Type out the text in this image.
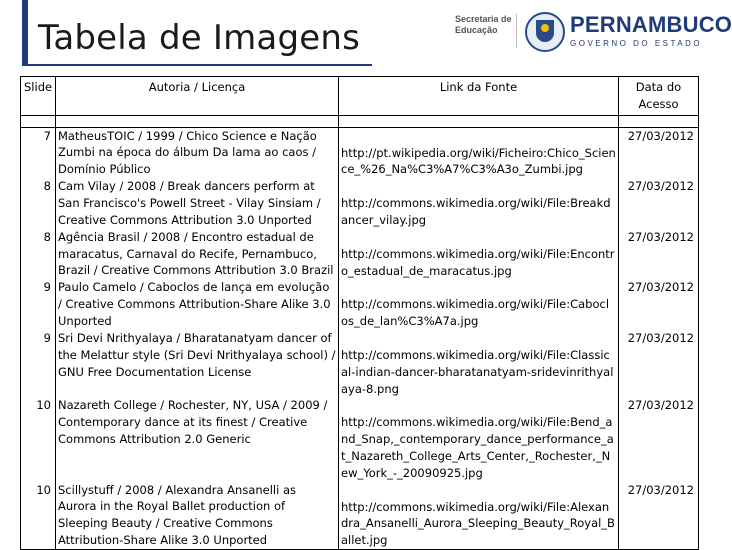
Tabela de Imagens	Secretaria de
Educação	PERNAMBUCO
GOVERNO DO ESTADO
Slide	Autoria / Licença	Link da Fonte	Data do Acesso

7	MatheusTOIC / 1999 / Chico Science e Nação Zumbi na época do álbum Da lama ao caos / Domínio Público	http://pt.wikipedia.org/wiki/Ficheiro:Chico_Science_%26_Na%C3%A7%C3%A3o_Zumbi.jpg	27/03/2012
8	Cam Vilay / 2008 / Break dancers perform at San Francisco's Powell Street - Vilay Sinsiam / Creative Commons Attribution 3.0 Unported	http://commons.wikimedia.org/wiki/File:Breakdancer_vilay.jpg	27/03/2012
8	Agência Brasil / 2008 / Encontro estadual de maracatus, Carnaval do Recife, Pernambuco, Brazil / Creative Commons Attribution 3.0 Brazil	http://commons.wikimedia.org/wiki/File:Encontro_estadual_de_maracatus.jpg	27/03/2012
9	Paulo Camelo / Caboclos de lança em evolução / Creative Commons Attribution-Share Alike 3.0 Unported	http://commons.wikimedia.org/wiki/File:Caboclos_de_lan%C3%A7a.jpg	27/03/2012
9	Sri Devi Nrithyalaya / Bharatanatyam dancer of the Melattur style (Sri Devi Nrithyalaya school) / GNU Free Documentation License	http://commons.wikimedia.org/wiki/File:Classical-indian-dancer-bharatanatyam-sridevinrithyalaya-8.png	27/03/2012
10	Nazareth College / Rochester, NY, USA / 2009 / Contemporary dance at its finest / Creative Commons Attribution 2.0 Generic	http://commons.wikimedia.org/wiki/File:Bend_and_Snap,_contemporary_dance_performance_at_Nazareth_College_Arts_Center,_Rochester,_New_York_-_20090925.jpg	27/03/2012
10	Scillystuff / 2008 / Alexandra Ansanelli as Aurora in the Royal Ballet production of Sleeping Beauty / Creative Commons Attribution-Share Alike 3.0 Unported	http://commons.wikimedia.org/wiki/File:Alexandra_Ansanelli_Aurora_Sleeping_Beauty_Royal_Ballet.jpg	27/03/2012
